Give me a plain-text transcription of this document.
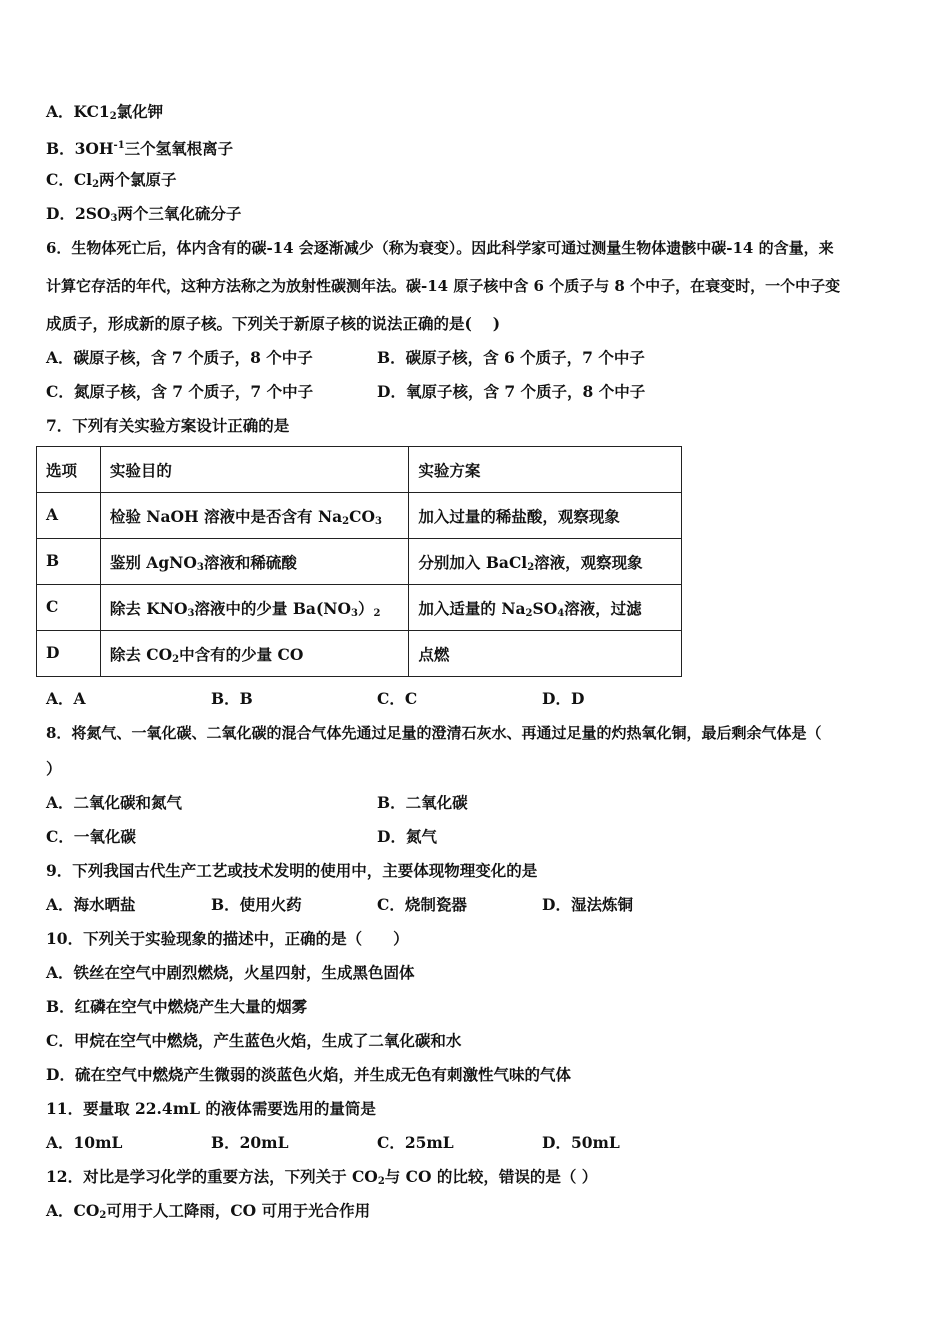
A．$KC1_2$氯化钾
B．$3OH^{-1}$三个氢氧根离子
C．$Cl_2$两个氯原子
D．$2SO_3$两个三氧化硫分子
6．生物体死亡后，体内含有的碳-14 会逐渐减少（称为衰变）。因此科学家可通过测量生物体遗骸中碳-14 的含量，来
计算它存活的年代，这种方法称之为放射性碳测年法。碳-14 原子核中含 6 个质子与 8 个中子，在衰变时，一个中子变
成质子，形成新的原子核。下列关于新原子核的说法正确的是(　 )
A．碳原子核，含 7 个质子，8 个中子	B．碳原子核，含 6 个质子，7 个中子
C．氮原子核，含 7 个质子，7 个中子	D．氧原子核，含 7 个质子，8 个中子
7．下列有关实验方案设计正确的是
选项	实验目的	实验方案
A	检验 NaOH 溶液中是否含有 $Na_2CO_3$	加入过量的稀盐酸，观察现象
B	鉴别 AgNO$_3$溶液和稀硫酸	分别加入 BaCl$_2$溶液，观察现象
C	除去 $KNO_3$溶液中的少量 $Ba(NO_3)_2$	加入适量的 $Na_2SO_4$溶液，过滤
D	除去 $CO_2$中含有的少量 CO	点燃
A．A	B．B	C．C	D．D
8．将氮气、一氧化碳、二氧化碳的混合气体先通过足量的澄清石灰水、再通过足量的灼热氧化铜，最后剩余气体是（
）
A．二氧化碳和氮气	B．二氧化碳
C．一氧化碳	D．氮气
9．下列我国古代生产工艺或技术发明的使用中，主要体现物理变化的是
A．海水晒盐	B．使用火药	C．烧制瓷器	D．湿法炼铜
10．下列关于实验现象的描述中，正确的是（　　）
A．铁丝在空气中剧烈燃烧，火星四射，生成黑色固体
B．红磷在空气中燃烧产生大量的烟雾
C．甲烷在空气中燃烧，产生蓝色火焰，生成了二氧化碳和水
D．硫在空气中燃烧产生微弱的淡蓝色火焰，并生成无色有刺激性气味的气体
11．要量取 22.4mL 的液体需要选用的量筒是
A．10mL	B．20mL	C．25mL	D．50mL
12．对比是学习化学的重要方法，下列关于 $CO_2$与 CO 的比较，错误的是（ ）
A．$CO_2$可用于人工降雨，CO 可用于光合作用
